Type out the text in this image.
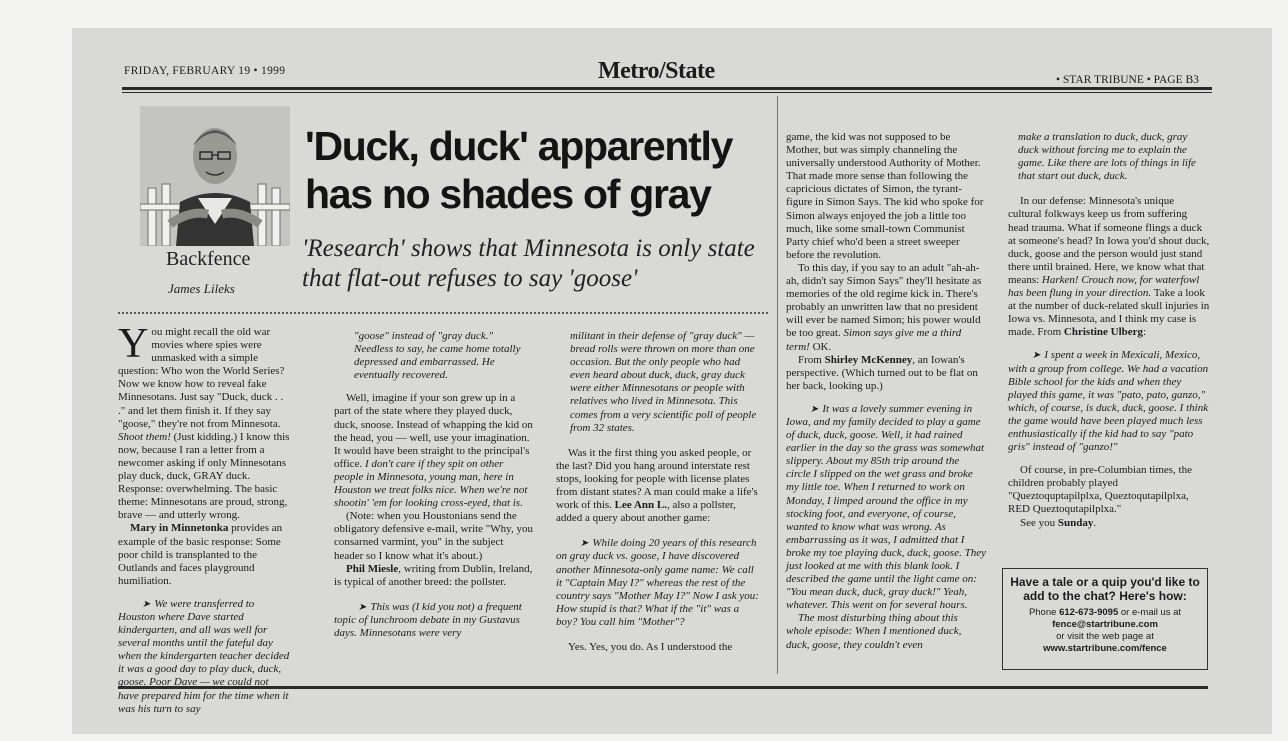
FRIDAY, FEBRUARY 19 • 1999	Metro/State	• STAR TRIBUNE • PAGE B3
Backfence
James Lileks
'Duck, duck' apparently has no shades of gray
'Research' shows that Minnesota is only state that flat-out refuses to say 'goose'

You might recall the old war movies where spies were unmasked with a simple question: Who won the World Series? Now we know how to reveal fake Minnesotans. Just say "Duck, duck . . ." and let them finish it. If they say "goose," they're not from Minnesota. Shoot them! (Just kidding.) I know this now, because I ran a letter from a newcomer asking if only Minnesotans play duck, duck, GRAY duck. Response: overwhelming. The basic theme: Minnesotans are proud, strong, brave — and utterly wrong.

Mary in Minnetonka provides an example of the basic response: Some poor child is transplanted to the Outlands and faces playground humiliation.

➤ We were transferred to Houston where Dave started kindergarten, and all was well for several months until the fateful day when the kindergarten teacher decided it was a good day to play duck, duck, goose. Poor Dave — we could not have prepared him for the time when it was his turn to say

"goose" instead of "gray duck." Needless to say, he came home totally depressed and embarrassed. He eventually recovered.

Well, imagine if your son grew up in a part of the state where they played duck, duck, snoose. Instead of whapping the kid on the head, you — well, use your imagination. It would have been straight to the principal's office. I don't care if they spit on other people in Minnesota, young man, here in Houston we treat folks nice. When we're not shootin' 'em for looking cross-eyed, that is.

(Note: when you Houstonians send the obligatory defensive e-mail, write "Why, you consarned varmint, you" in the subject header so I know what it's about.)

Phil Miesle, writing from Dublin, Ireland, is typical of another breed: the pollster.

➤ This was (I kid you not) a frequent topic of lunchroom debate in my Gustavus days. Minnesotans were very

militant in their defense of "gray duck" — bread rolls were thrown on more than one occasion. But the only people who had even heard about duck, duck, gray duck were either Minnesotans or people with relatives who lived in Minnesota. This comes from a very scientific poll of people from 32 states.

Was it the first thing you asked people, or the last? Did you hang around interstate rest stops, looking for people with license plates from distant states? A man could make a life's work of this. Lee Ann L., also a pollster, added a query about another game:

➤ While doing 20 years of this research on gray duck vs. goose, I have discovered another Minnesota-only game name: We call it "Captain May I?" whereas the rest of the country says "Mother May I?" Now I ask you: How stupid is that? What if the "it" was a boy? You call him "Mother"?

Yes. Yes, you do. As I understood the

game, the kid was not supposed to be Mother, but was simply channeling the universally understood Authority of Mother. That made more sense than following the capricious dictates of Simon, the tyrant-figure in Simon Says. The kid who spoke for Simon always enjoyed the job a little too much, like some small-town Communist Party chief who'd been a street sweeper before the revolution.

To this day, if you say to an adult "ah-ah-ah, didn't say Simon Says" they'll hesitate as memories of the old regime kick in. There's probably an unwritten law that no president will ever be named Simon; his power would be too great. Simon says give me a third term! OK.

From Shirley McKenney, an Iowan's perspective. (Which turned out to be flat on her back, looking up.)

➤ It was a lovely summer evening in Iowa, and my family decided to play a game of duck, duck, goose. Well, it had rained earlier in the day so the grass was somewhat slippery. About my 85th trip around the circle I slipped on the wet grass and broke my little toe. When I returned to work on Monday, I limped around the office in my stocking foot, and everyone, of course, wanted to know what was wrong. As embarrassing as it was, I admitted that I broke my toe playing duck, duck, goose. They just looked at me with this blank look. I described the game until the light came on: "You mean duck, duck, gray duck!" Yeah, whatever. This went on for several hours.

The most disturbing thing about this whole episode: When I mentioned duck, duck, goose, they couldn't even

make a translation to duck, duck, gray duck without forcing me to explain the game. Like there are lots of things in life that start out duck, duck.

In our defense: Minnesota's unique cultural folkways keep us from suffering head trauma. What if someone flings a duck at someone's head? In Iowa you'd shout duck, duck, goose and the person would just stand there until brained. Here, we know what that means: Harken! Crouch now, for waterfowl has been flung in your direction. Take a look at the number of duck-related skull injuries in Iowa vs. Minnesota, and I think my case is made. From Christine Ulberg:

➤ I spent a week in Mexicali, Mexico, with a group from college. We had a vacation Bible school for the kids and when they played this game, it was "pato, pato, ganzo," which, of course, is duck, duck, goose. I think the game would have been played much less enthusiastically if the kid had to say "pato gris" instead of "ganzo!"

Of course, in pre-Columbian times, the children probably played "Queztoquptapilplxa, Queztoqutapilplxa, RED Queztoqutapilplxa."

See you Sunday.

Have a tale or a quip you'd like to add to the chat? Here's how:
Phone 612-673-9095 or e-mail us at
fence@startribune.com
or visit the web page at
www.startribune.com/fence
